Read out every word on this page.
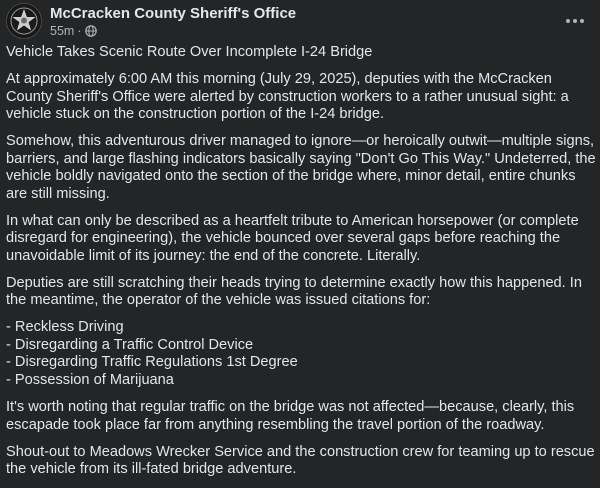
McCracken County Sheriff's Office
55m ·

Vehicle Takes Scenic Route Over Incomplete I-24 Bridge

At approximately 6:00 AM this morning (July 29, 2025), deputies with the McCracken County Sheriff's Office were alerted by construction workers to a rather unusual sight: a vehicle stuck on the construction portion of the I-24 bridge.

Somehow, this adventurous driver managed to ignore—or heroically outwit—multiple signs, barriers, and large flashing indicators basically saying "Don't Go This Way." Undeterred, the vehicle boldly navigated onto the section of the bridge where, minor detail, entire chunks are still missing.

In what can only be described as a heartfelt tribute to American horsepower (or complete disregard for engineering), the vehicle bounced over several gaps before reaching the unavoidable limit of its journey: the end of the concrete. Literally.

Deputies are still scratching their heads trying to determine exactly how this happened. In the meantime, the operator of the vehicle was issued citations for:

- Reckless Driving

- Disregarding a Traffic Control Device

- Disregarding Traffic Regulations 1st Degree

- Possession of Marijuana

It's worth noting that regular traffic on the bridge was not affected—because, clearly, this escapade took place far from anything resembling the travel portion of the roadway.

Shout-out to Meadows Wrecker Service and the construction crew for teaming up to rescue the vehicle from its ill-fated bridge adventure.
